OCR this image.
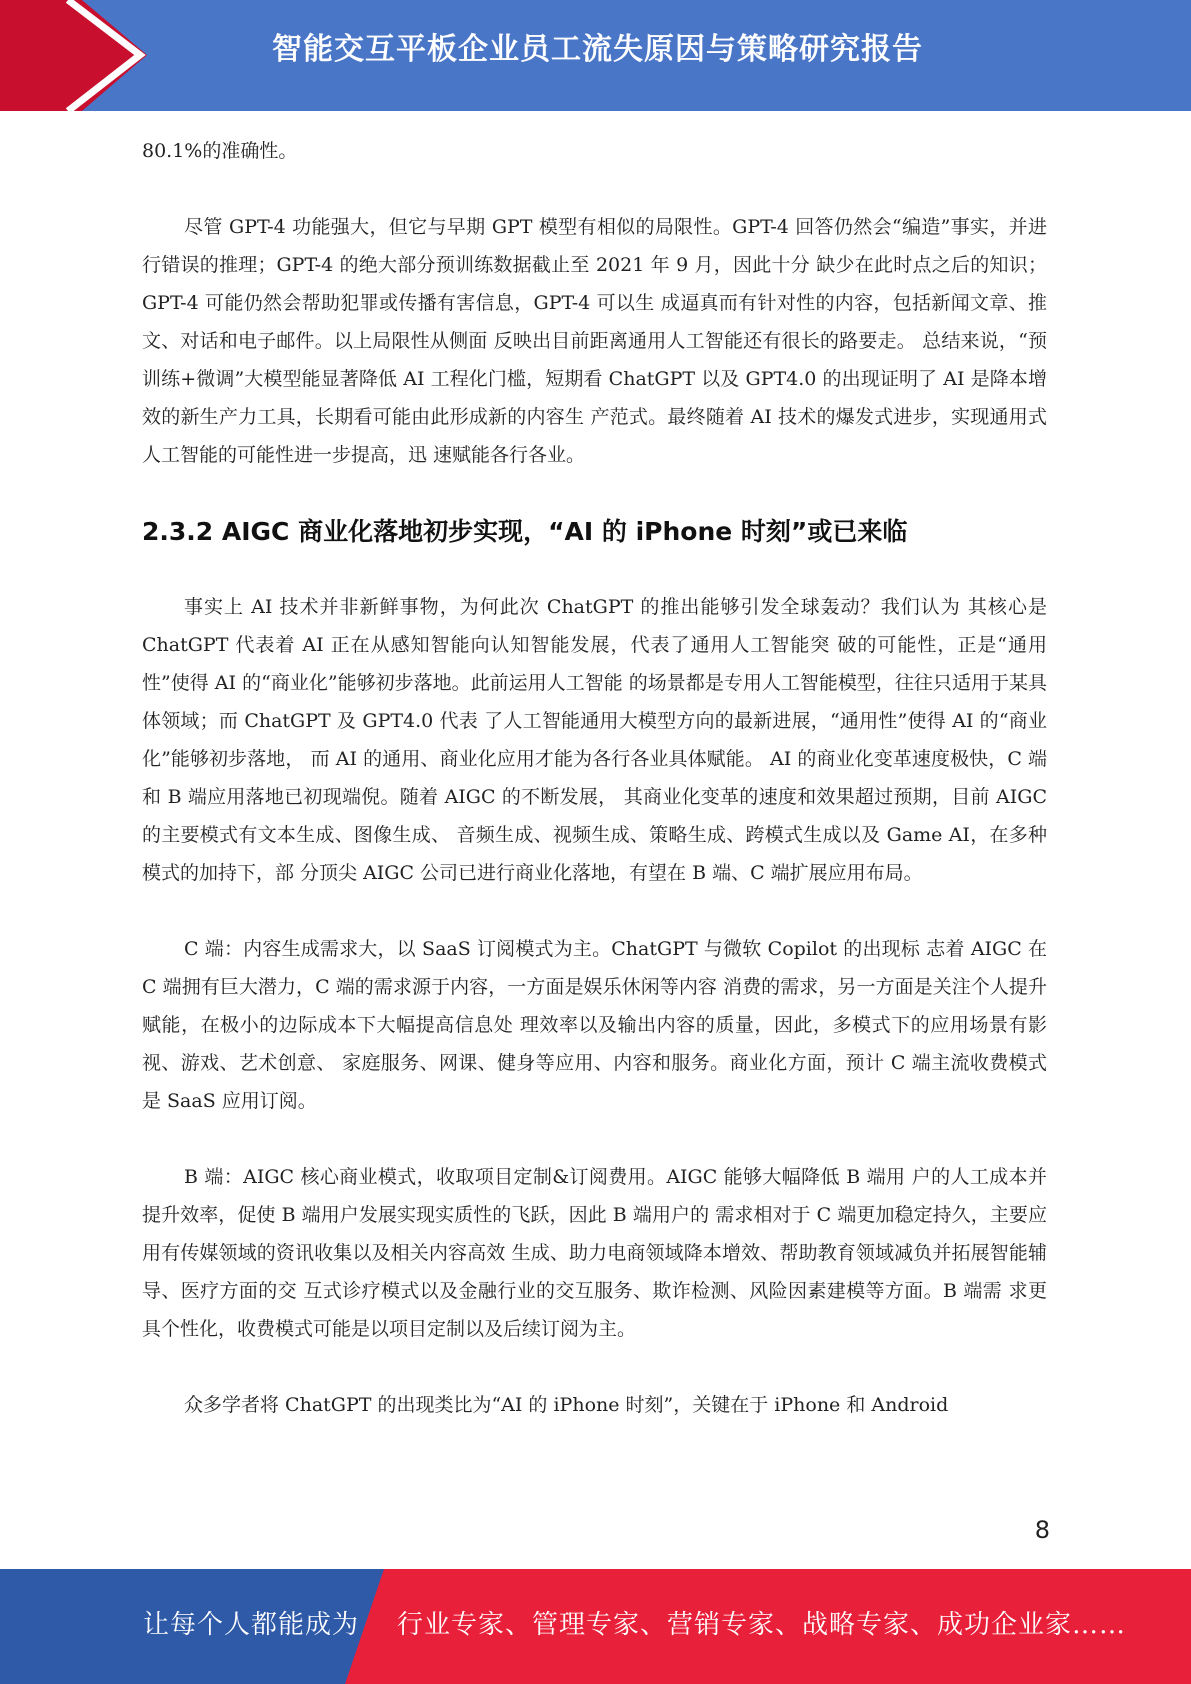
智能交互平板企业员工流失原因与策略研究报告

80.1%的准确性。

尽管 GPT-4 功能强大，但它与早期 GPT 模型有相似的局限性。GPT-4 回答仍然会“编造”事实，并进行错误的推理；GPT-4 的绝大部分预训练数据截止至 2021 年 9 月，因此十分 缺少在此时点之后的知识；GPT-4 可能仍然会帮助犯罪或传播有害信息，GPT-4 可以生 成逼真而有针对性的内容，包括新闻文章、推文、对话和电子邮件。以上局限性从侧面 反映出目前距离通用人工智能还有很长的路要走。 总结来说，“预训练+微调”大模型能显著降低 AI 工程化门槛，短期看 ChatGPT 以及 GPT4.0 的出现证明了 AI 是降本增效的新生产力工具，长期看可能由此形成新的内容生 产范式。最终随着 AI 技术的爆发式进步，实现通用式人工智能的可能性进一步提高，迅 速赋能各行各业。

2.3.2 AIGC 商业化落地初步实现，“AI 的 iPhone 时刻”或已来临

事实上 AI 技术并非新鲜事物，为何此次 ChatGPT 的推出能够引发全球轰动？我们认为 其核心是 ChatGPT 代表着 AI 正在从感知智能向认知智能发展，代表了通用人工智能突 破的可能性，正是“通用性”使得 AI 的“商业化”能够初步落地。此前运用人工智能 的场景都是专用人工智能模型，往往只适用于某具体领域；而 ChatGPT 及 GPT4.0 代表 了人工智能通用大模型方向的最新进展，“通用性”使得 AI 的“商业化”能够初步落地， 而 AI 的通用、商业化应用才能为各行各业具体赋能。 AI 的商业化变革速度极快，C 端和 B 端应用落地已初现端倪。随着 AIGC 的不断发展， 其商业化变革的速度和效果超过预期，目前 AIGC 的主要模式有文本生成、图像生成、 音频生成、视频生成、策略生成、跨模式生成以及 Game AI，在多种模式的加持下，部 分顶尖 AIGC 公司已进行商业化落地，有望在 B 端、C 端扩展应用布局。

C 端：内容生成需求大，以 SaaS 订阅模式为主。ChatGPT 与微软 Copilot 的出现标 志着 AIGC 在 C 端拥有巨大潜力，C 端的需求源于内容，一方面是娱乐休闲等内容 消费的需求，另一方面是关注个人提升赋能，在极小的边际成本下大幅提高信息处 理效率以及输出内容的质量，因此，多模式下的应用场景有影视、游戏、艺术创意、 家庭服务、网课、健身等应用、内容和服务。商业化方面，预计 C 端主流收费模式 是 SaaS 应用订阅。

B 端：AIGC 核心商业模式，收取项目定制&订阅费用。AIGC 能够大幅降低 B 端用 户的人工成本并提升效率，促使 B 端用户发展实现实质性的飞跃，因此 B 端用户的 需求相对于 C 端更加稳定持久，主要应用有传媒领域的资讯收集以及相关内容高效 生成、助力电商领域降本增效、帮助教育领域减负并拓展智能辅导、医疗方面的交 互式诊疗模式以及金融行业的交互服务、欺诈检测、风险因素建模等方面。B 端需 求更具个性化，收费模式可能是以项目定制以及后续订阅为主。

众多学者将 ChatGPT 的出现类比为“AI 的 iPhone 时刻”，关键在于 iPhone 和 Android

8
让每个人都能成为 行业专家、管理专家、营销专家、战略专家、成功企业家……
